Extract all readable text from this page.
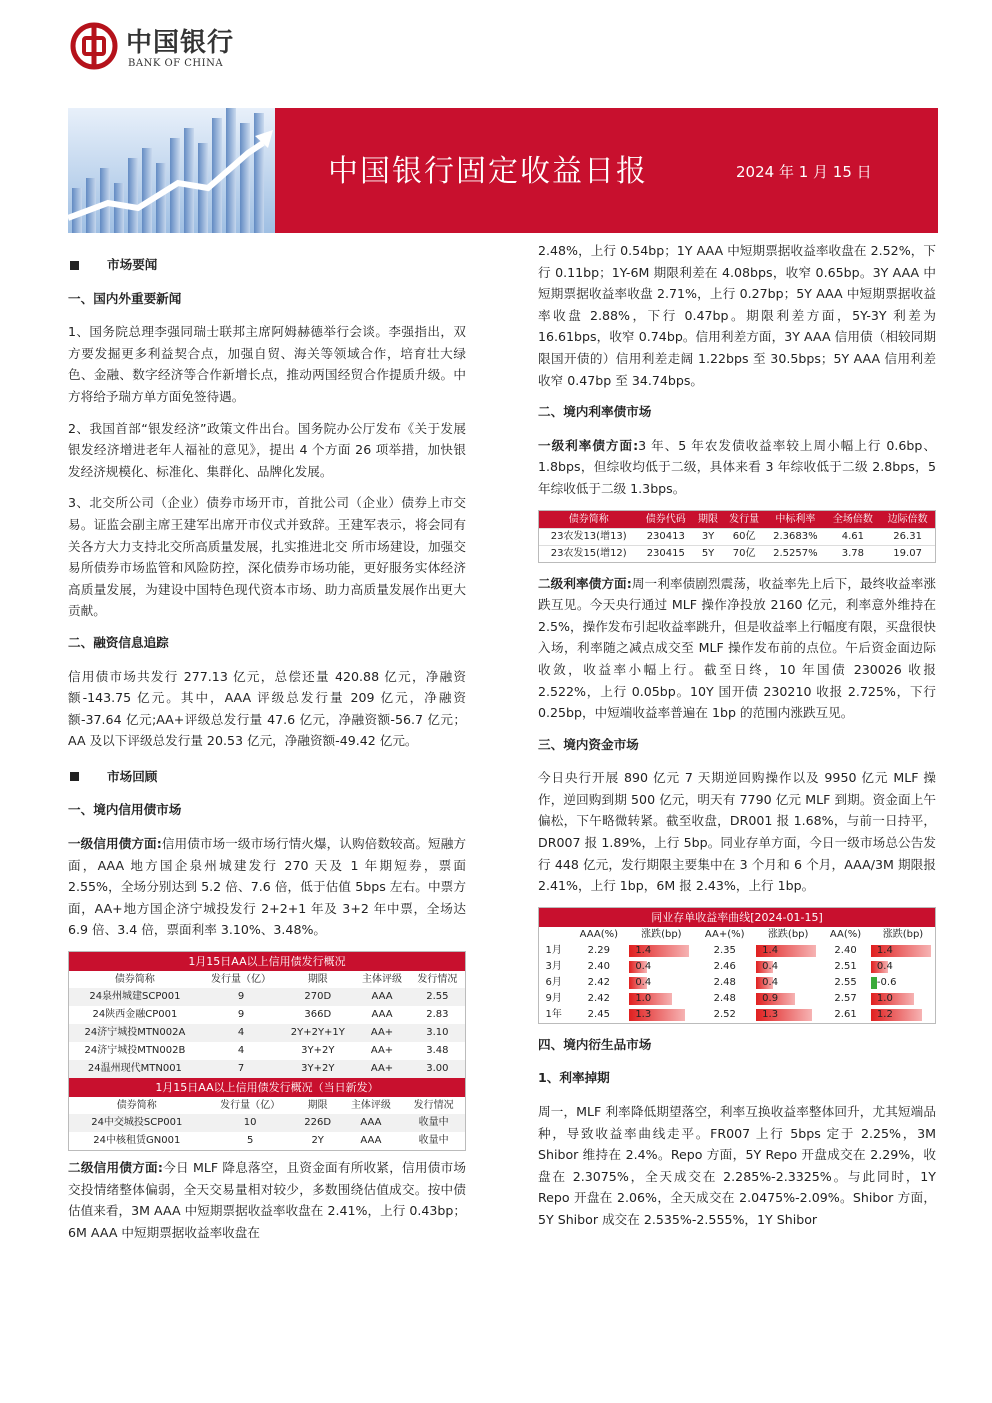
中国银行
BANK OF CHINA
中国银行固定收益日报	2024 年 1 月 15 日
市场要闻
一、国内外重要新闻

1、国务院总理李强同瑞士联邦主席阿姆赫德举行会谈。李强指出，双方要发掘更多利益契合点，加强自贸、海关等领域合作，培育壮大绿色、金融、数字经济等合作新增长点，推动两国经贸合作提质升级。中方将给予瑞方单方面免签待遇。

2、我国首部“银发经济”政策文件出台。国务院办公厅发布《关于发展银发经济增进老年人福祉的意见》，提出 4 个方面 26 项举措，加快银发经济规模化、标准化、集群化、品牌化发展。

3、北交所公司（企业）债券市场开市，首批公司（企业）债券上市交易。证监会副主席王建军出席开市仪式并致辞。王建军表示，将会同有关各方大力支持北交所高质量发展，扎实推进北交 所市场建设，加强交易所债券市场监管和风险防控，深化债券市场功能，更好服务实体经济高质量发展，为建设中国特色现代资本市场、助力高质量发展作出更大贡献。

二、融资信息追踪

信用债市场共发行 277.13 亿元，总偿还量 420.88 亿元，净融资额-143.75 亿元。其中，AAA 评级总发行量 209 亿元，净融资额-37.64 亿元;AA+评级总发行量 47.6 亿元，净融资额-56.7 亿元；AA 及以下评级总发行量 20.53 亿元，净融资额-49.42 亿元。

市场回顾
一、境内信用债市场

一级信用债方面:信用债市场一级市场行情火爆，认购倍数较高。短融方面，AAA 地方国企泉州城建发行 270 天及 1 年期短券，票面 2.55%，全场分别达到 5.2 倍、7.6 倍，低于估值 5bps 左右。中票方面，AA+地方国企济宁城投发行 2+2+1 年及 3+2 年中票，全场达 6.9 倍、3.4 倍，票面利率 3.10%、3.48%。

1月15日AA以上信用债发行概况
债券简称	发行量（亿）	期限	主体评级	发行情况
24泉州城建SCP001	9	270D	AAA	2.55
24陕西金融CP001	9	366D	AAA	2.83
24济宁城投MTN002A	4	2Y+2Y+1Y	AA+	3.10
24济宁城投MTN002B	4	3Y+2Y	AA+	3.48
24温州现代MTN001	7	3Y+2Y	AA+	3.00
1月15日AA以上信用债发行概况（当日新发）
债券简称	发行量（亿）	期限	主体评级	发行情况
24中交城投SCP001	10	226D	AAA	收量中
24中核租赁GN001	5	2Y	AAA	收量中

二级信用债方面:今日 MLF 降息落空，且资金面有所收紧，信用债市场交投情绪整体偏弱，全天交易量相对较少，多数围绕估值成交。按中债估值来看，3M AAA 中短期票据收益率收盘在 2.41%，上行 0.43bp；6M AAA 中短期票据收益率收盘在

2.48%，上行 0.54bp；1Y AAA 中短期票据收益率收盘在 2.52%，下行 0.11bp；1Y-6M 期限利差在 4.08bps，收窄 0.65bp。3Y AAA 中短期票据收益率收盘 2.71%，上行 0.27bp；5Y AAA 中短期票据收益率收盘 2.88%，下行 0.47bp。期限利差方面，5Y-3Y 利差为 16.61bps，收窄 0.74bp。信用利差方面，3Y AAA 信用债（相较同期限国开债的）信用利差走阔 1.22bps 至 30.5bps；5Y AAA 信用利差收窄 0.47bp 至 34.74bps。

二、境内利率债市场

一级利率债方面:3 年、5 年农发债收益率较上周小幅上行 0.6bp、1.8bps，但综收均低于二级，具体来看 3 年综收低于二级 2.8bps，5 年综收低于二级 1.3bps。

债券简称	债券代码	期限	发行量	中标利率	全场倍数	边际倍数
23农发13(增13)	230413	3Y	60亿	2.3683%	4.61	26.31
23农发15(增12)	230415	5Y	70亿	2.5257%	3.78	19.07

二级利率债方面:周一利率债剧烈震荡，收益率先上后下，最终收益率涨跌互见。今天央行通过 MLF 操作净投放 2160 亿元，利率意外维持在 2.5%，操作发布引起收益率跳升，但是收益率上行幅度有限，买盘很快入场，利率随之减点成交至 MLF 操作发布前的点位。午后资金面边际收敛，收益率小幅上行。截至日终，10 年国债 230026 收报 2.522%，上行 0.05bp。10Y 国开债 230210 收报 2.725%，下行 0.25bp，中短端收益率普遍在 1bp 的范围内涨跌互见。

三、境内资金市场

今日央行开展 890 亿元 7 天期逆回购操作以及 9950 亿元 MLF 操作，逆回购到期 500 亿元，明天有 7790 亿元 MLF 到期。资金面上午偏松，下午略微转紧。截至收盘，DR001 报 1.68%，与前一日持平，DR007 报 1.89%，上行 5bp。同业存单方面，今日一级市场总公告发行 448 亿元，发行期限主要集中在 3 个月和 6 个月，AAA/3M 期限报 2.41%，上行 1bp，6M 报 2.43%，上行 1bp。

同业存单收益率曲线[2024-01-15]
	AAA(%)	涨跌(bp)	AA+(%)	涨跌(bp)	AA(%)	涨跌(bp)
1月	2.29	1.4	2.35	1.4	2.40	1.4
3月	2.40	0.4	2.46	0.4	2.51	0.4
6月	2.42	0.4	2.48	0.4	2.55	-0.6
9月	2.42	1.0	2.48	0.9	2.57	1.0
1年	2.45	1.3	2.52	1.3	2.61	1.2
四、境内衍生品市场
1、利率掉期

周一，MLF 利率降低期望落空，利率互换收益率整体回升，尤其短端品种，导致收益率曲线走平。FR007 上行 5bps 定于 2.25%，3M Shibor 维持在 2.4%。Repo 方面，5Y Repo 开盘成交在 2.29%，收盘在 2.3075%，全天成交在 2.285%-2.3325%。与此同时，1Y Repo 开盘在 2.06%，全天成交在 2.0475%-2.09%。Shibor 方面，5Y Shibor 成交在 2.535%-2.555%，1Y Shibor
